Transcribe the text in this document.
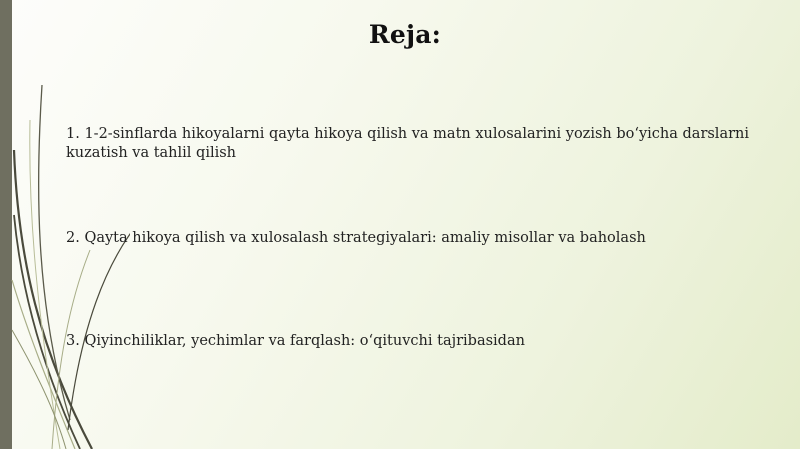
Reja:
1. 1-2-sinflarda hikoyalarni qayta hikoya qilish va matn xulosalarini yozish bo‘yicha darslarni kuzatish va tahlil qilish
2. Qayta hikoya qilish va xulosalash strategiyalari: amaliy misollar va baholash
3. Qiyinchiliklar, yechimlar va farqlash: o‘qituvchi tajribasidan
